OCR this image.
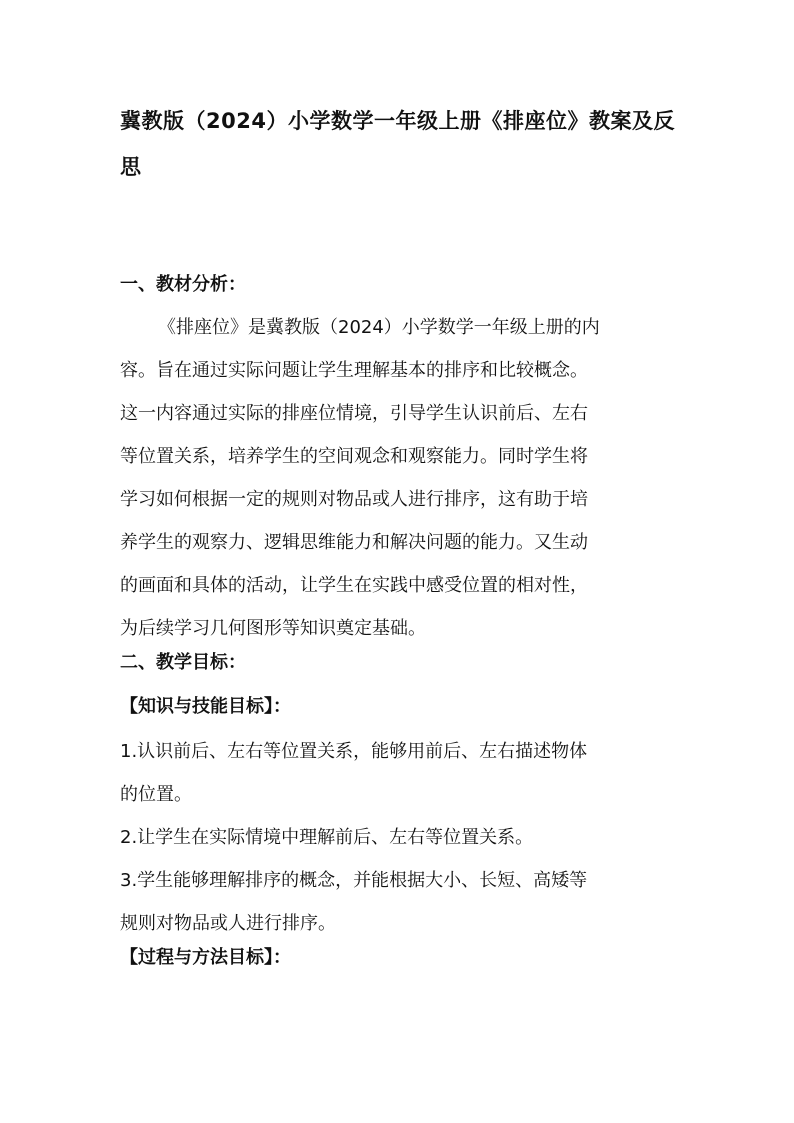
冀教版（2024）小学数学一年级上册《排座位》教案及反思
一、教材分析：
《排座位》是冀教版（2024）小学数学一年级上册的内
容。旨在通过实际问题让学生理解基本的排序和比较概念。
这一内容通过实际的排座位情境，引导学生认识前后、左右
等位置关系，培养学生的空间观念和观察能力。同时学生将
学习如何根据一定的规则对物品或人进行排序，这有助于培
养学生的观察力、逻辑思维能力和解决问题的能力。又生动
的画面和具体的活动，让学生在实践中感受位置的相对性，
为后续学习几何图形等知识奠定基础。
二、教学目标：
【知识与技能目标】：
1.认识前后、左右等位置关系，能够用前后、左右描述物体
的位置。
2.让学生在实际情境中理解前后、左右等位置关系。
3.学生能够理解排序的概念，并能根据大小、长短、高矮等
规则对物品或人进行排序。
【过程与方法目标】：
